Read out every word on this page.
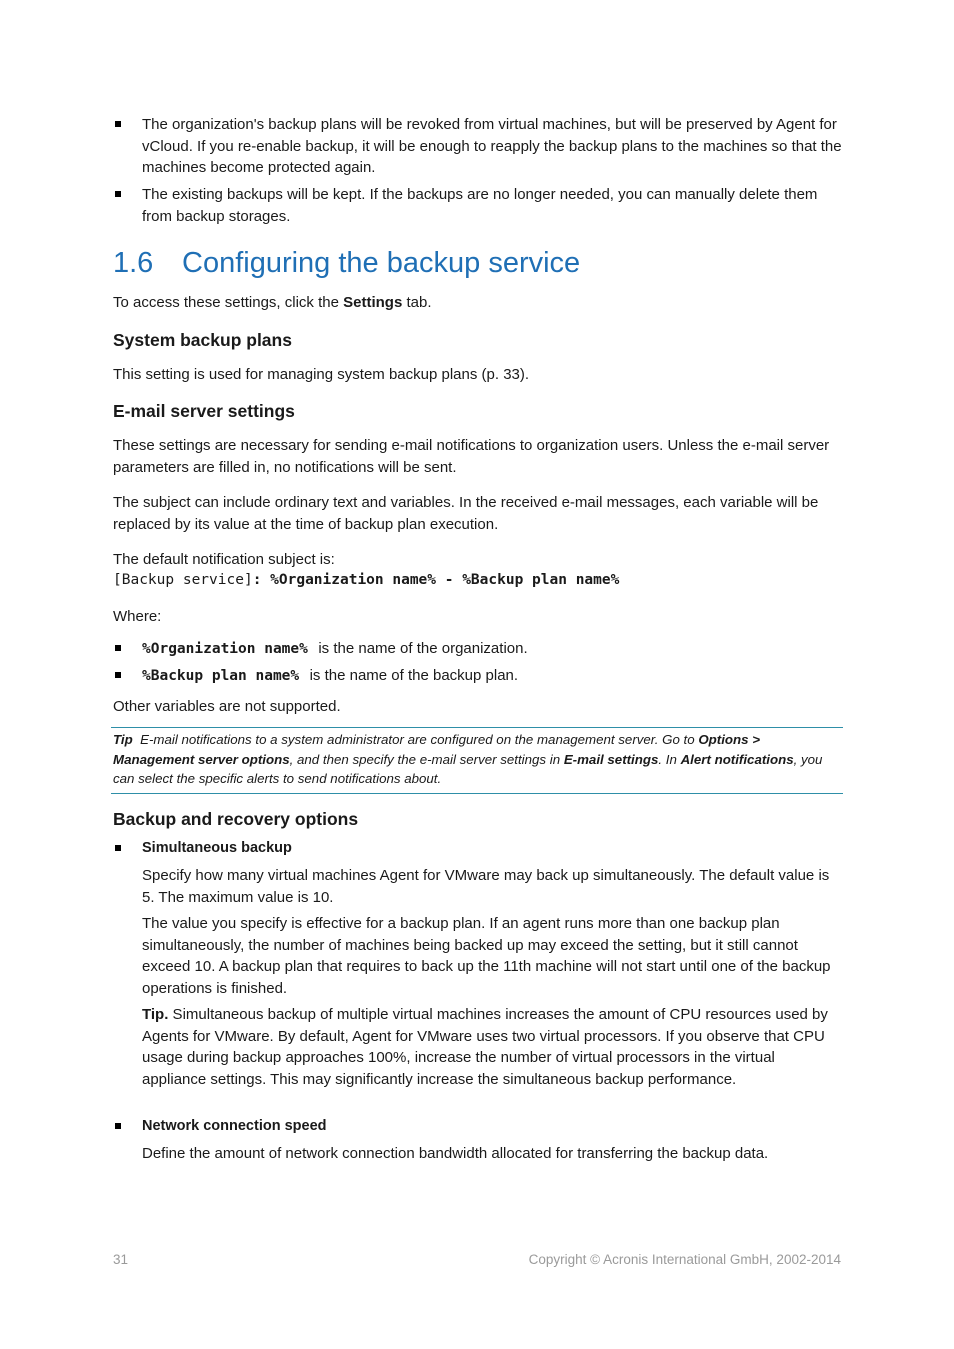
The organization's backup plans will be revoked from virtual machines, but will be preserved by Agent for vCloud. If you re-enable backup, it will be enough to reapply the backup plans to the machines so that the machines become protected again.
The existing backups will be kept. If the backups are no longer needed, you can manually delete them from backup storages.
1.6 Configuring the backup service
To access these settings, click the Settings tab.
System backup plans
This setting is used for managing system backup plans (p. 33).
E-mail server settings
These settings are necessary for sending e-mail notifications to organization users. Unless the e-mail server parameters are filled in, no notifications will be sent.
The subject can include ordinary text and variables. In the received e-mail messages, each variable will be replaced by its value at the time of backup plan execution.
The default notification subject is:
[Backup service]: %Organization name% - %Backup plan name%
Where:
%Organization name% is the name of the organization.
%Backup plan name% is the name of the backup plan.
Other variables are not supported.
Tip E-mail notifications to a system administrator are configured on the management server. Go to Options > Management server options, and then specify the e-mail server settings in E-mail settings. In Alert notifications, you can select the specific alerts to send notifications about.
Backup and recovery options
Simultaneous backup
Specify how many virtual machines Agent for VMware may back up simultaneously. The default value is 5. The maximum value is 10.
The value you specify is effective for a backup plan. If an agent runs more than one backup plan simultaneously, the number of machines being backed up may exceed the setting, but it still cannot exceed 10. A backup plan that requires to back up the 11th machine will not start until one of the backup operations is finished.
Tip. Simultaneous backup of multiple virtual machines increases the amount of CPU resources used by Agents for VMware. By default, Agent for VMware uses two virtual processors. If you observe that CPU usage during backup approaches 100%, increase the number of virtual processors in the virtual appliance settings. This may significantly increase the simultaneous backup performance.
Network connection speed
Define the amount of network connection bandwidth allocated for transferring the backup data.
31	Copyright © Acronis International GmbH, 2002-2014
